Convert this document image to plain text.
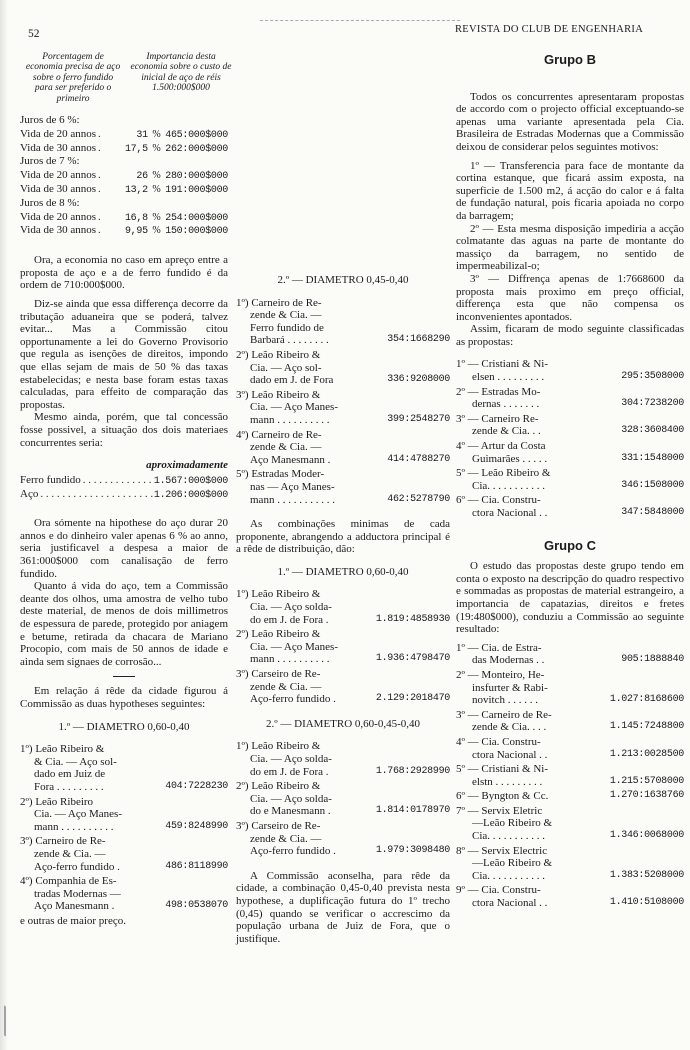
52	REVISTA DO CLUB DE ENGENHARIA
Porcentagem de economia precisa de aço sobre o ferro fundido para ser preferido o primeiro
Importancia desta economia sobre o custo de inicial de aço de réis 1.500:000$000
Juros de 6 %:
Vida de 20 annos . . .	31 % 465:000$000
Vida de 30 annos . . .	17,5 % 262:000$000
Juros de 7 %:
Vida de 20 annos . . .	26 % 280:000$000
Vida de 30 annos . . .	13,2 % 191:000$000
Juros de 8 %:
Vida de 20 annos . . .	16,8 % 254:000$000
Vida de 30 annos . . .	9,95 % 150:000$000

Ora, a economia no caso em apreço entre a proposta de aço e a de ferro fundido é da ordem de 710:000$000.

Diz-se ainda que essa differença decorre da tributação aduaneira que se poderá, talvez evitar... Mas a Commissão citou opportunamente a lei do Governo Provisorio que regula as isenções de direitos, impondo que ellas sejam de mais de 50 % das taxas estabelecidas; e nesta base foram estas taxas calculadas, para effeito de comparação das propostas.

Mesmo ainda, porém, que tal concessão fosse possivel, a situação dos dois materiaes concurrentes seria:

aproximadamente
Ferro fundido . . .	1.567:000$000
Aço . . .	1.206:000$000

Ora sómente na hipothese do aço durar 20 annos e do dinheiro valer apenas 6 % ao anno, seria justificavel a despesa a maior de 361:000$000 com canalisação de ferro fundido.

Quanto á vida do aço, tem a Commissão deante dos olhos, uma amostra de velho tubo deste material, de menos de dois millimetros de espessura de parede, protegido por aniagem e betume, retirada da chacara de Mariano Procopio, com mais de 50 annos de idade e ainda sem signaes de corrosão...

Em relação á rêde da cidade figurou á Commissão as duas hypotheses seguintes:

1.º — DIAMETRO 0,60-0,40
1º) Leão Ribeiro &
& Cia. — Aço sol-
dado em Juiz de
Fora . . . . . . . . .	404:7228230
2º) Leão Ribeiro
Cia. — Aço Manes-
mann . . . . . . . . . .	459:8248990
3º) Carneiro de Re-
zende & Cia. —
Aço-ferro fundido .	486:8118990
4º) Companhia de Es-
tradas Modernas —
Aço Manesmann .	498:0538070
e outras de maior preço.
2.º — DIAMETRO 0,45-0,40
1º) Carneiro de Re-
zende & Cia. —
Ferro fundido de
Barbará . . . . . . . .	354:1668290
2º) Leão Ribeiro &
Cia. — Aço sol-
dado em J. de Fora	336:9208000
3º) Leão Ribeiro &
Cia. — Aço Manes-
mann . . . . . . . . . .	399:2548270
4º) Carneiro de Re-
zende & Cia. —
Aço Manesmann .	414:4788270
5º) Estradas Moder-
nas — Aço Manes-
mann . . . . . . . . . . .	462:5278790

As combinações minimas de cada proponente, abrangendo a adductora principal é a rêde de distribuição, dão:

1.º — DIAMETRO 0,60-0,40
1º) Leão Ribeiro &
Cia. — Aço solda-
do em J. de Fora .	1.819:4858930
2º) Leão Ribeiro &
Cia. — Aço Manes-
mann . . . . . . . . . .	1.936:4798470
3º) Carseiro de Re-
zende & Cia. —
Aço-ferro fundido .	2.129:2018470
2.º — DIAMETRO 0,60-0,45-0,40
1º) Leão Ribeiro &
Cia. — Aço solda-
do em J. de Fora .	1.768:2928990
2º) Leão Ribeiro &
Cia. — Aço solda-
do e Manesmann .	1.814:0178970
3º) Carseiro de Re-
zende & Cia. —
Aço-ferro fundido .	1.979:3098480

A Commissão aconselha, para rêde da cidade, a combinação 0,45-0,40 prevista nesta hypothese, a duplificação futura do 1º trecho (0,45) quando se verificar o accrescimo da população urbana de Juiz de Fora, que o justifique.

Grupo B

Todos os concurrentes apresentaram propostas de accordo com o projecto official exceptuando-se apenas uma variante apresentada pela Cia. Brasileira de Estradas Modernas que a Commissão deixou de considerar pelos seguintes motivos:

1º — Transferencia para face de montante da cortina estanque, que ficará assim exposta, na superficie de 1.500 m2, á acção do calor e á falta de fundação natural, pois ficaria apoiada no corpo da barragem;

2º — Esta mesma disposição impediria a acção colmatante das aguas na parte de montante do massiço da barragem, no sentido de impermeabilizal-o;

3º — Diffrença apenas de 1:7668600 da proposta mais proximo em preço official, differença esta que não compensa os inconvenientes apontados.

Assim, ficaram de modo seguinte classificadas as propostas:

1º — Cristiani & Ni-
elsen . . . . . . . . .	295:3508000
2º — Estradas Mo-
dernas . . . . . . .	304:7238200
3º — Carneiro Re-
zende & Cia. . .	328:3608400
4º — Artur da Costa
Guimarães . . . . .	331:1548000
5º — Leão Ribeiro &
Cia. . . . . . . . . . .	346:1508000
6º — Cia. Constru-
ctora Nacional . .	347:5848000
Grupo C

O estudo das propostas deste grupo tendo em conta o exposto na descripção do quadro respectivo e sommadas as propostas de material estrangeiro, a importancia de capatazias, direitos e fretes (19:480$000), conduziu a Commissão ao seguinte resultado:

1º — Cia. de Estra-
das Modernas . .	905:1888840
2º — Monteiro, He-
insfurter & Rabi-
novitch . . . . . .	1.027:8168600
3º — Carneiro de Re-
zende & Cia. . . .	1.145:7248800
4º — Cia. Constru-
ctora Nacional . .	1.213:0028500
5º — Cristiani & Ni-
elstn . . . . . . . . .	1.215:5708000
6º — Byngton & Cc.	1.270:1638760
7º — Servix Eletric
—Leão Ribeiro &
Cia. . . . . . . . . . .	1.346:0068000
8º — Servix Electric
—Leão Ribeiro &
Cia. . . . . . . . . . .	1.383:5208000
9º — Cia. Constru-
ctora Nacional . .	1.410:5108000
